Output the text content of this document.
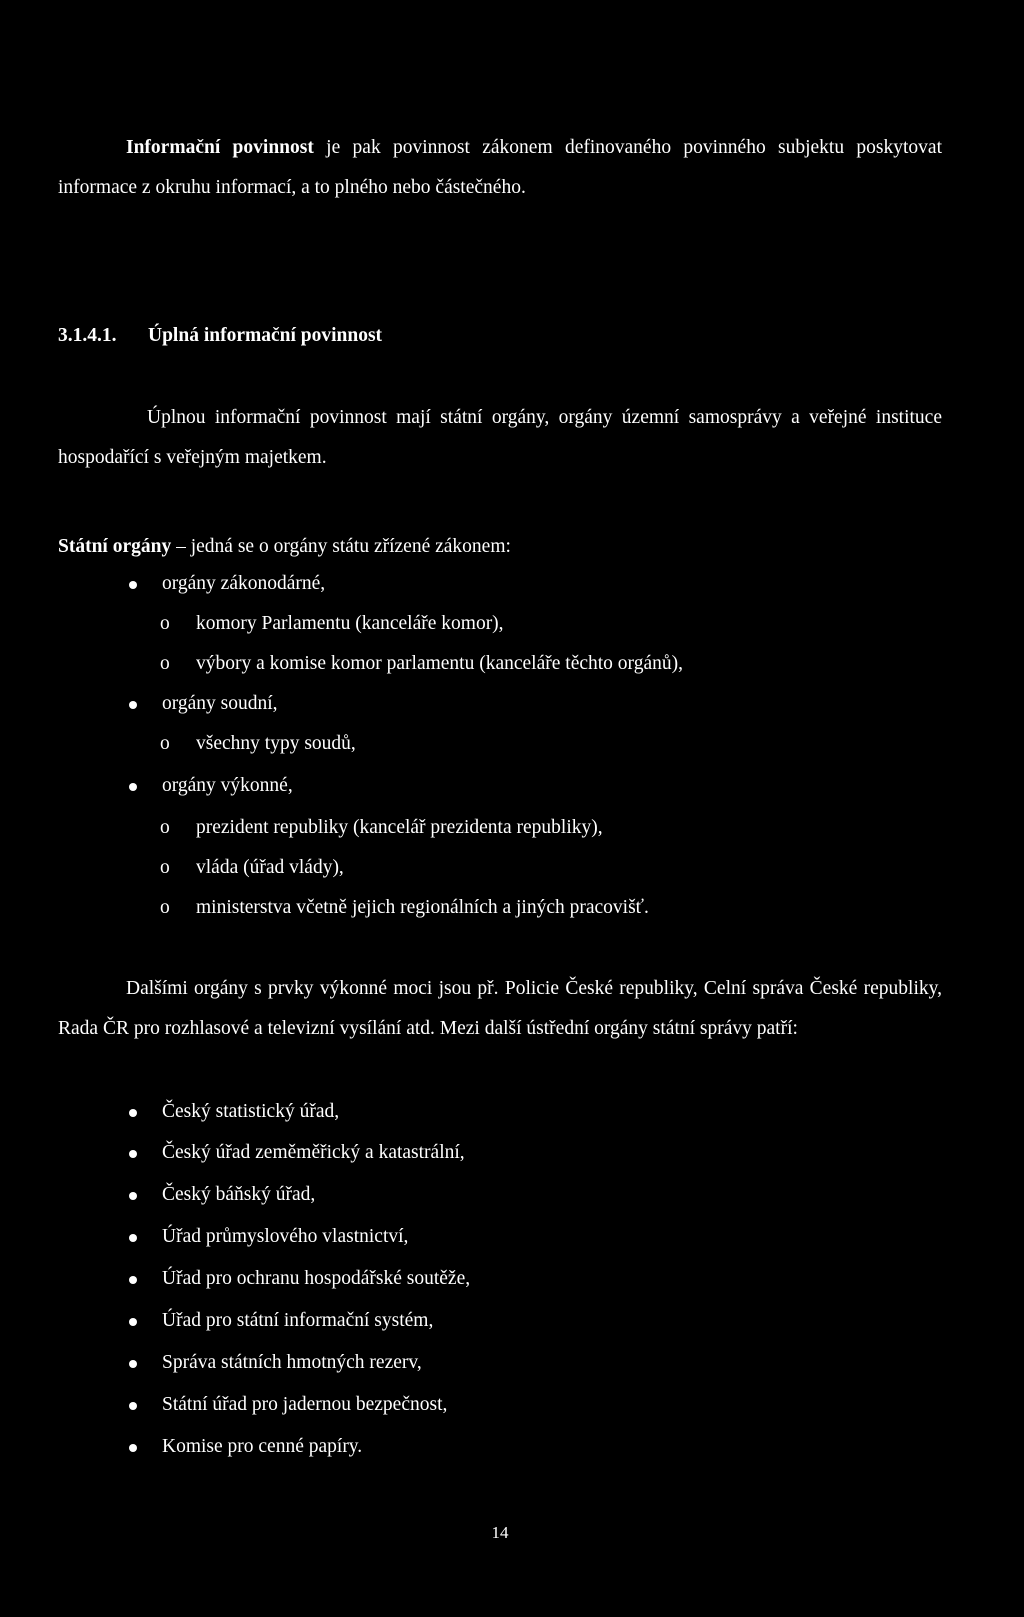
Informační povinnost je pak povinnost zákonem definovaného povinného subjektu poskytovat informace z okruhu informací, a to plného nebo částečného.

3.1.4.1. Úplná informační povinnost

Úplnou informační povinnost mají státní orgány, orgány územní samosprávy a veřejné instituce hospodařící s veřejným majetkem.

Státní orgány – jedná se o orgány státu zřízené zákonem:

orgány zákonodárné,
o komory Parlamentu (kanceláře komor),
o výbory a komise komor parlamentu (kanceláře těchto orgánů),
orgány soudní,
o všechny typy soudů,
orgány výkonné,
o prezident republiky (kancelář prezidenta republiky),
o vláda (úřad vlády),
o ministerstva včetně jejich regionálních a jiných pracovišť.

Dalšími orgány s prvky výkonné moci jsou př. Policie České republiky, Celní správa České republiky, Rada ČR pro rozhlasové a televizní vysílání atd. Mezi další ústřední orgány státní správy patří:

Český statistický úřad,
Český úřad zeměměřický a katastrální,
Český báňský úřad,
Úřad průmyslového vlastnictví,
Úřad pro ochranu hospodářské soutěže,
Úřad pro státní informační systém,
Správa státních hmotných rezerv,
Státní úřad pro jadernou bezpečnost,
Komise pro cenné papíry.
14
